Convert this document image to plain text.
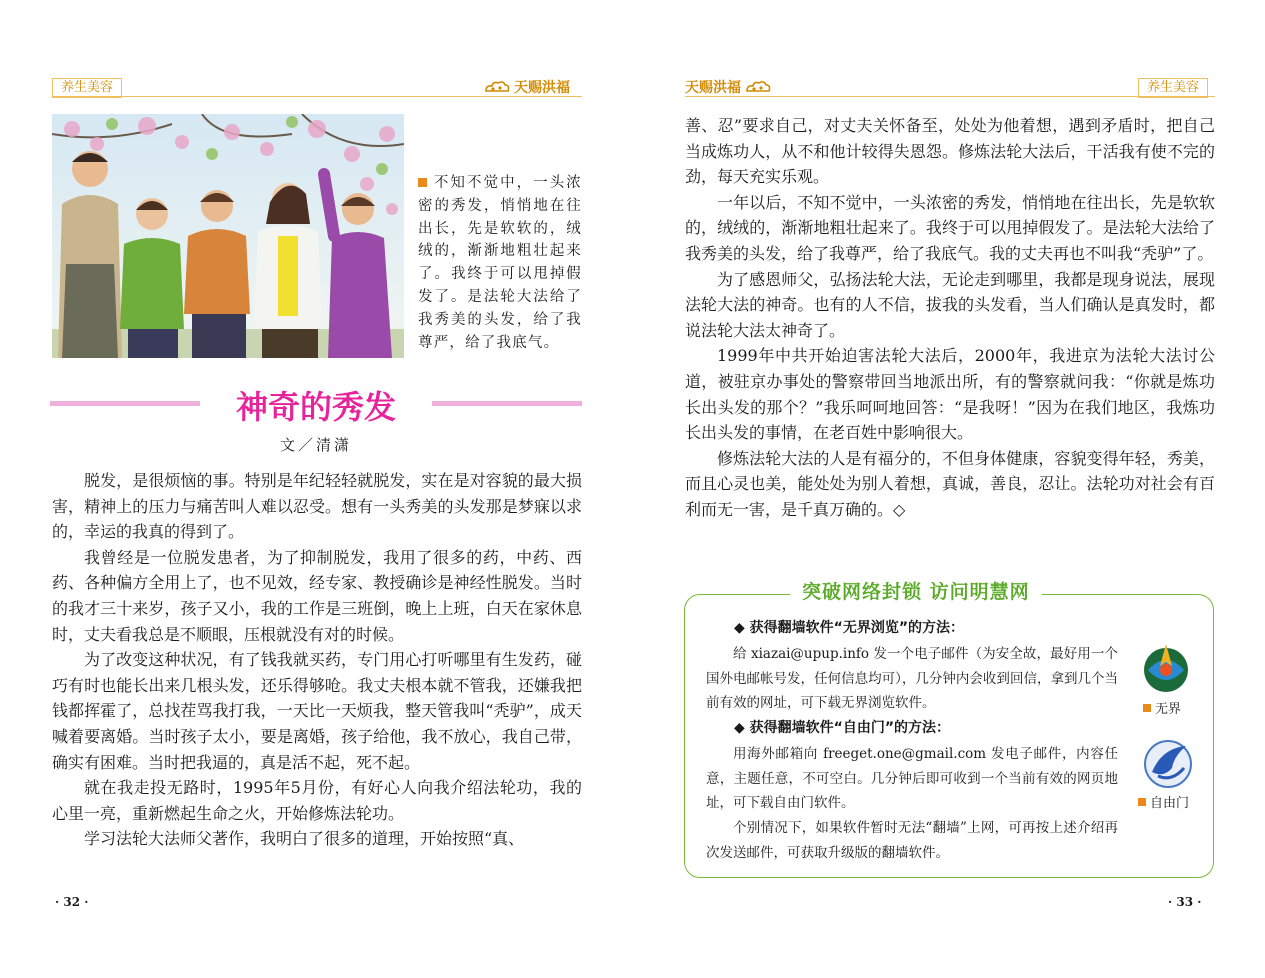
养生美容	天赐洪福
不知不觉中，一头浓密的秀发，悄悄地在往出长，先是软软的，绒绒的，渐渐地粗壮起来了。我终于可以甩掉假发了。是法轮大法给了我秀美的头发，给了我尊严，给了我底气。
神奇的秀发
文／清潇

脱发，是很烦恼的事。特别是年纪轻轻就脱发，实在是对容貌的最大损害，精神上的压力与痛苦叫人难以忍受。想有一头秀美的头发那是梦寐以求的，幸运的我真的得到了。

我曾经是一位脱发患者，为了抑制脱发，我用了很多的药，中药、西药、各种偏方全用上了，也不见效，经专家、教授确诊是神经性脱发。当时的我才三十来岁，孩子又小，我的工作是三班倒，晚上上班，白天在家休息时，丈夫看我总是不顺眼，压根就没有对的时候。

为了改变这种状况，有了钱我就买药，专门用心打听哪里有生发药，碰巧有时也能长出来几根头发，还乐得够呛。我丈夫根本就不管我，还嫌我把钱都挥霍了，总找茬骂我打我，一天比一天烦我，整天管我叫“秃驴”，成天喊着要离婚。当时孩子太小，要是离婚，孩子给他，我不放心，我自己带，确实有困难。当时把我逼的，真是活不起，死不起。

就在我走投无路时，1995年5月份，有好心人向我介绍法轮功，我的心里一亮，重新燃起生命之火，开始修炼法轮功。

学习法轮大法师父著作，我明白了很多的道理，开始按照“真、

· 32 ·
天赐洪福	养生美容

善、忍”要求自己，对丈夫关怀备至，处处为他着想，遇到矛盾时，把自己当成炼功人，从不和他计较得失恩怨。修炼法轮大法后，干活我有使不完的劲，每天充实乐观。

一年以后，不知不觉中，一头浓密的秀发，悄悄地在往出长，先是软软的，绒绒的，渐渐地粗壮起来了。我终于可以甩掉假发了。是法轮大法给了我秀美的头发，给了我尊严，给了我底气。我的丈夫再也不叫我“秃驴”了。

为了感恩师父，弘扬法轮大法，无论走到哪里，我都是现身说法，展现法轮大法的神奇。也有的人不信，拔我的头发看，当人们确认是真发时，都说法轮大法太神奇了。

1999年中共开始迫害法轮大法后，2000年，我进京为法轮大法讨公道，被驻京办事处的警察带回当地派出所，有的警察就问我：“你就是炼功长出头发的那个？”我乐呵呵地回答：“是我呀！”因为在我们地区，我炼功长出头发的事情，在老百姓中影响很大。

修炼法轮大法的人是有福分的，不但身体健康，容貌变得年轻，秀美，而且心灵也美，能处处为别人着想，真诚，善良，忍让。法轮功对社会有百利而无一害，是千真万确的。◇

突破网络封锁 访问明慧网

◆ 获得翻墙软件“无界浏览”的方法：

给 xiazai@upup.info 发一个电子邮件（为安全故，最好用一个国外电邮帐号发，任何信息均可），几分钟内会收到回信，拿到几个当前有效的网址，可下载无界浏览软件。	无界

◆ 获得翻墙软件“自由门”的方法：

用海外邮箱向 freeget.one@gmail.com 发电子邮件，内容任意，主题任意，不可空白。几分钟后即可收到一个当前有效的网页地址，可下载自由门软件。	自由门
个别情况下，如果软件暂时无法“翻墙”上网，可再按上述介绍再次发送邮件，可获取升级版的翻墙软件。
· 33 ·
